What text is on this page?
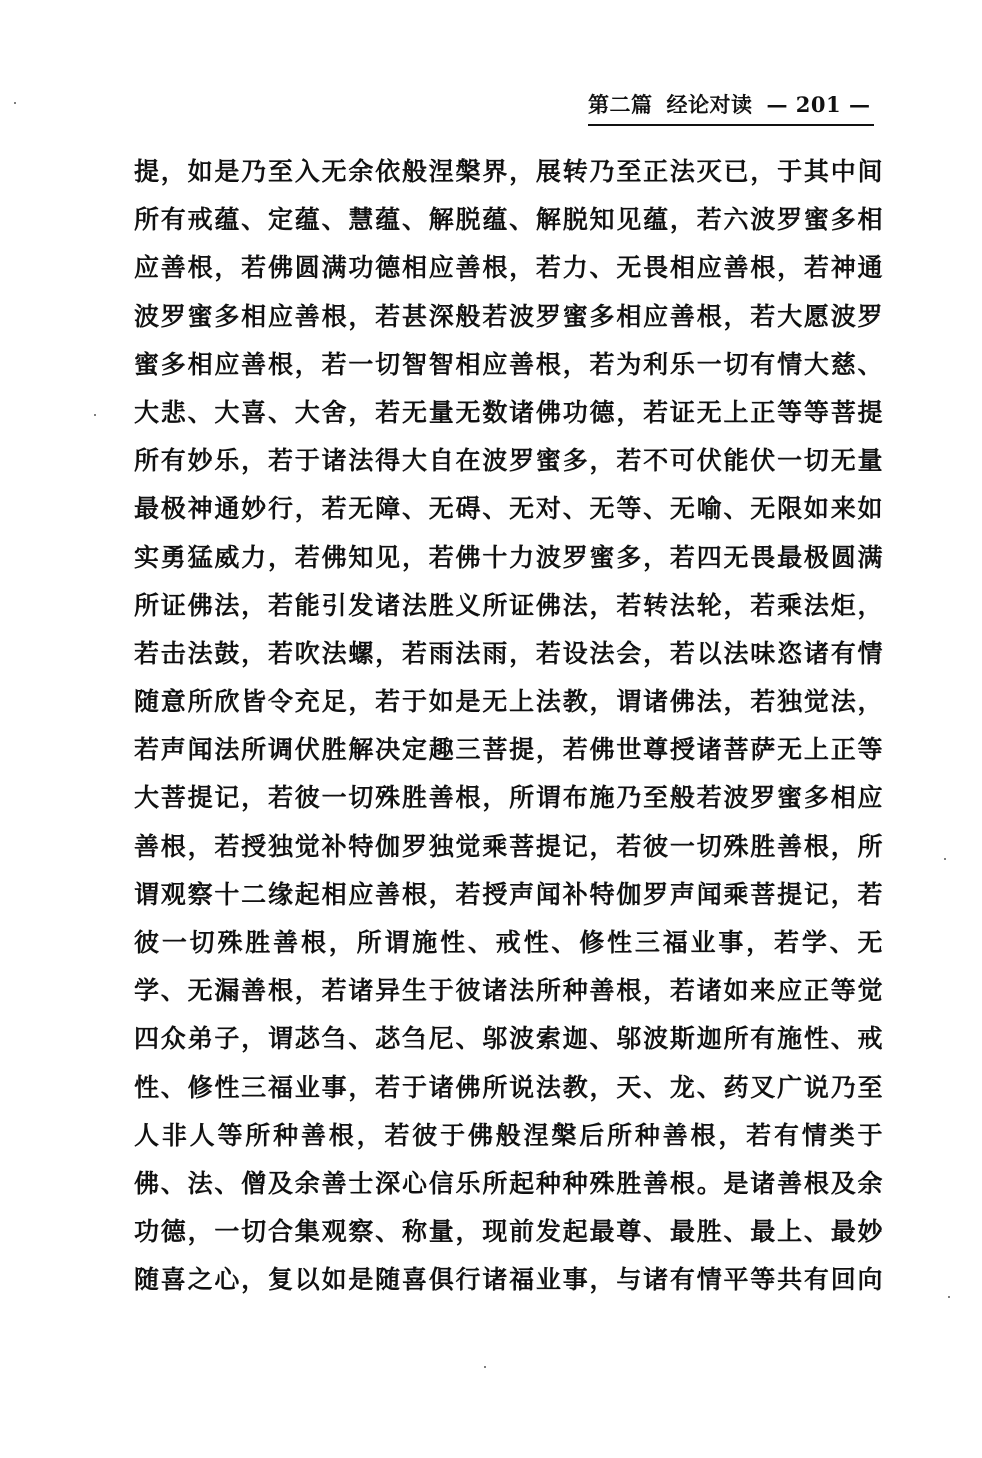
第二篇 经论对读 — 201 —
提，如是乃至入无余依般涅槃界，展转乃至正法灭已，于其中间
所有戒蕴、定蕴、慧蕴、解脱蕴、解脱知见蕴，若六波罗蜜多相
应善根，若佛圆满功德相应善根，若力、无畏相应善根，若神通
波罗蜜多相应善根，若甚深般若波罗蜜多相应善根，若大愿波罗
蜜多相应善根，若一切智智相应善根，若为利乐一切有情大慈、
大悲、大喜、大舍，若无量无数诸佛功德，若证无上正等等菩提
所有妙乐，若于诸法得大自在波罗蜜多，若不可伏能伏一切无量
最极神通妙行，若无障、无碍、无对、无等、无喻、无限如来如
实勇猛威力，若佛知见，若佛十力波罗蜜多，若四无畏最极圆满
所证佛法，若能引发诸法胜义所证佛法，若转法轮，若乘法炬，
若击法鼓，若吹法螺，若雨法雨，若设法会，若以法味恣诸有情
随意所欣皆令充足，若于如是无上法教，谓诸佛法，若独觉法，
若声闻法所调伏胜解决定趣三菩提，若佛世尊授诸菩萨无上正等
大菩提记，若彼一切殊胜善根，所谓布施乃至般若波罗蜜多相应
善根，若授独觉补特伽罗独觉乘菩提记，若彼一切殊胜善根，所
谓观察十二缘起相应善根，若授声闻补特伽罗声闻乘菩提记，若
彼一切殊胜善根，所谓施性、戒性、修性三福业事，若学、无
学、无漏善根，若诸异生于彼诸法所种善根，若诸如来应正等觉
四众弟子，谓苾刍、苾刍尼、邬波索迦、邬波斯迦所有施性、戒
性、修性三福业事，若于诸佛所说法教，天、龙、药叉广说乃至
人非人等所种善根，若彼于佛般涅槃后所种善根，若有情类于
佛、法、僧及余善士深心信乐所起种种殊胜善根。是诸善根及余
功德，一切合集观察、称量，现前发起最尊、最胜、最上、最妙
随喜之心，复以如是随喜俱行诸福业事，与诸有情平等共有回向
